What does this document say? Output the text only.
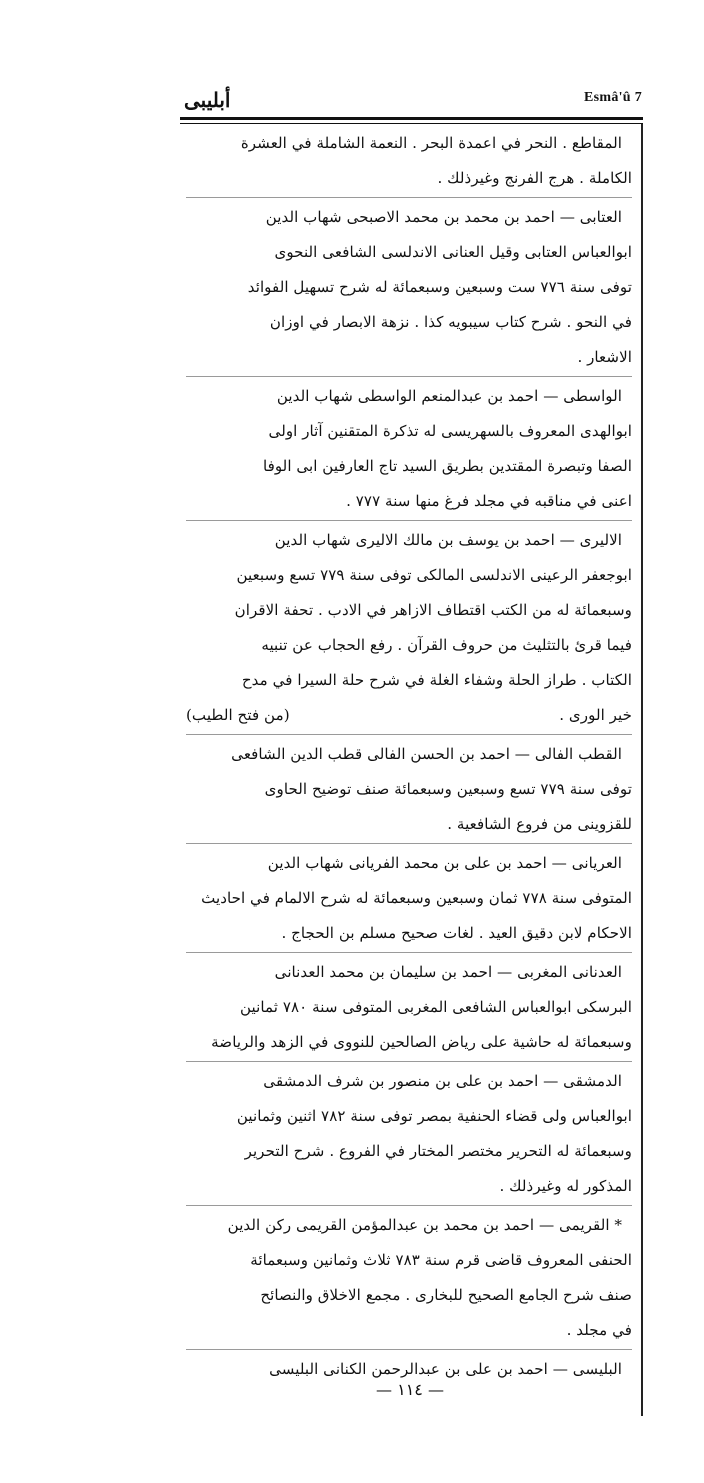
أبليبى	Esmâ'û 7
المقاطع . النحر في اعمدة البحر . النعمة الشاملة في العشرة
الكاملة . هرج الفرنج وغيرذلك .
العتابى — احمد بن محمد بن محمد الاصبحى شهاب الدين
ابوالعباس العتابى وقيل العنانى الاندلسى الشافعى النحوى
توفى سنة ٧٧٦ ست وسبعين وسبعمائة له شرح تسهيل الفوائد
في النحو . شرح كتاب سيبويه كذا . نزهة الابصار في اوزان
الاشعار .
الواسطى — احمد بن عبدالمنعم الواسطى شهاب الدين
ابوالهدى المعروف بالسهريسى له تذكرة المتقنين آثار اولى
الصفا وتبصرة المقتدين بطريق السيد تاج العارفين ابى الوفا
اعنى في مناقبه في مجلد فرغ منها سنة ٧٧٧ .
الاليرى — احمد بن يوسف بن مالك الاليرى شهاب الدين
ابوجعفر الرعينى الاندلسى المالكى توفى سنة ٧٧٩ تسع وسبعين
وسبعمائة له من الكتب اقتطاف الازاهر في الادب . تحفة الاقران
فيما قرئ بالتثليث من حروف القرآن . رفع الحجاب عن تنبيه
الكتاب . طراز الحلة وشفاء الغلة في شرح حلة السيرا في مدح
خير الورى .
(من فتح الطيب)
القطب الفالى — احمد بن الحسن الفالى قطب الدين الشافعى
توفى سنة ٧٧٩ تسع وسبعين وسبعمائة صنف توضيح الحاوى
للقزوينى من فروع الشافعية .
العريانى — احمد بن على بن محمد الفريانى شهاب الدين
المتوفى سنة ٧٧٨ ثمان وسبعين وسبعمائة له شرح الالمام في احاديث
الاحكام لابن دقيق العيد . لغات صحيح مسلم بن الحجاج .
العدنانى المغربى — احمد بن سليمان بن محمد العدنانى
البرسكى ابوالعباس الشافعى المغربى المتوفى سنة ٧٨٠ ثمانين
وسبعمائة له حاشية على رياض الصالحين للنووى في الزهد والرياضة
الدمشقى — احمد بن على بن منصور بن شرف الدمشقى
ابوالعباس ولى قضاء الحنفية بمصر توفى سنة ٧٨٢ اثنين وثمانين
وسبعمائة له التحرير مختصر المختار في الفروع . شرح التحرير
المذكور له وغيرذلك .
* القريمى — احمد بن محمد بن عبدالمؤمن القريمى ركن الدين
الحنفى المعروف قاضى قرم سنة ٧٨٣ ثلاث وثمانين وسبعمائة
صنف شرح الجامع الصحيح للبخارى . مجمع الاخلاق والنصائح
في مجلد .
البليسى — احمد بن على بن عبدالرحمن الكنانى البليسى
— ١١٤ —
